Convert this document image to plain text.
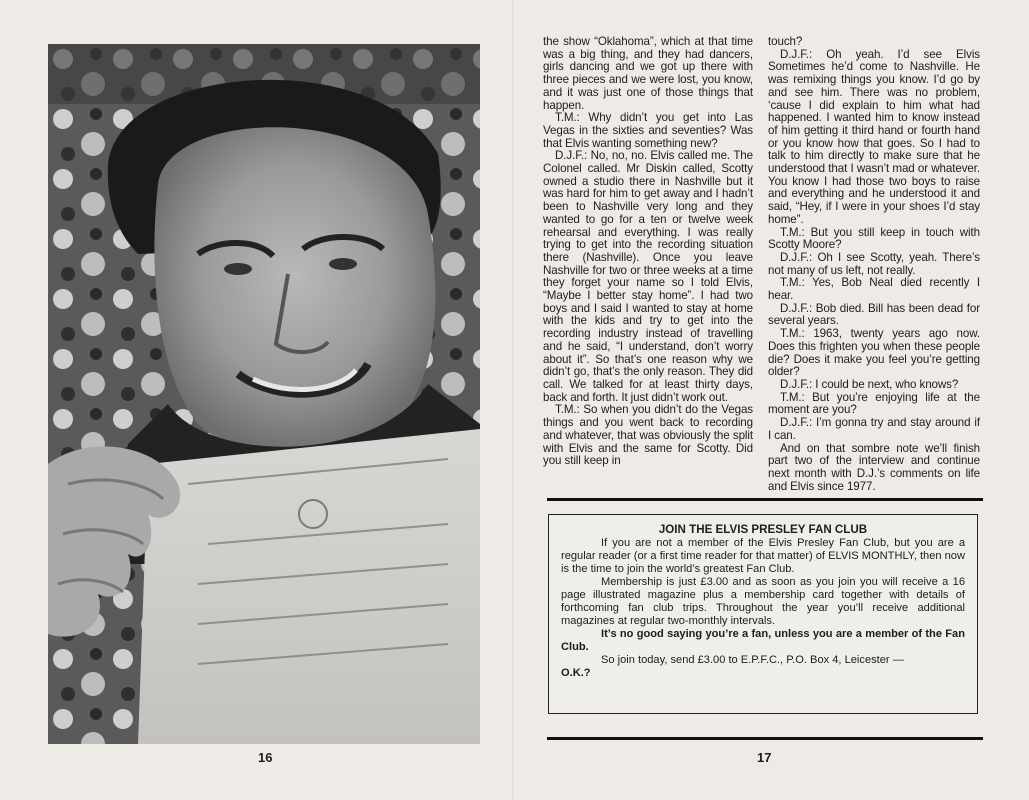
16

the show “Oklahoma”, which at that time was a big thing, and they had dancers, girls dancing and we got up there with three pieces and we were lost, you know, and it was just one of those things that happen.

T.M.: Why didn’t you get into Las Vegas in the sixties and seventies? Was that Elvis wanting something new?

D.J.F.: No, no, no. Elvis called me. The Colonel called. Mr Diskin called, Scotty owned a studio there in Nashville but it was hard for him to get away and I hadn’t been to Nashville very long and they wanted to go for a ten or twelve week rehearsal and everything. I was really trying to get into the recording situation there (Nashville). Once you leave Nashville for two or three weeks at a time they forget your name so I told Elvis, “Maybe I better stay home”. I had two boys and I said I wanted to stay at home with the kids and try to get into the recording industry instead of travelling and he said, “I understand, don’t worry about it”. So that’s one reason why we didn’t go, that’s the only reason. They did call. We talked for at least thirty days, back and forth. It just didn’t work out.

T.M.: So when you didn’t do the Vegas things and you went back to recording and whatever, that was obviously the split with Elvis and the same for Scotty. Did you still keep in

touch?

D.J.F.: Oh yeah. I’d see Elvis Sometimes he’d come to Nashville. He was remixing things you know. I’d go by and see him. There was no problem, ‘cause I did explain to him what had happened. I wanted him to know instead of him getting it third hand or fourth hand or you know how that goes. So I had to talk to him directly to make sure that he understood that I wasn’t mad or whatever. You know I had those two boys to raise and everything and he understood it and said, “Hey, if I were in your shoes I’d stay home”.

T.M.: But you still keep in touch with Scotty Moore?

D.J.F.: Oh I see Scotty, yeah. There’s not many of us left, not really.

T.M.: Yes, Bob Neal died recently I hear.

D.J.F.: Bob died. Bill has been dead for several years.

T.M.: 1963, twenty years ago now. Does this frighten you when these people die? Does it make you feel you’re getting older?

D.J.F.: I could be next, who knows?

T.M.: But you’re enjoying life at the moment are you?

D.J.F.: I’m gonna try and stay around if I can.

And on that sombre note we’ll finish part two of the interview and continue next month with D.J.’s comments on life and Elvis since 1977.

JOIN THE ELVIS PRESLEY FAN CLUB

If you are not a member of the Elvis Presley Fan Club, but you are a regular reader (or a first time reader for that matter) of ELVIS MONTHLY, then now is the time to join the world’s greatest Fan Club.

Membership is just £3.00 and as soon as you join you will receive a 16 page illustrated magazine plus a membership card together with details of forthcoming fan club trips. Throughout the year you’ll receive additional magazines at regular two-monthly intervals.

It’s no good saying you’re a fan, unless you are a member of the Fan Club.

So join today, send £3.00 to E.P.F.C., P.O. Box 4, Leicester —

O.K.?
17
